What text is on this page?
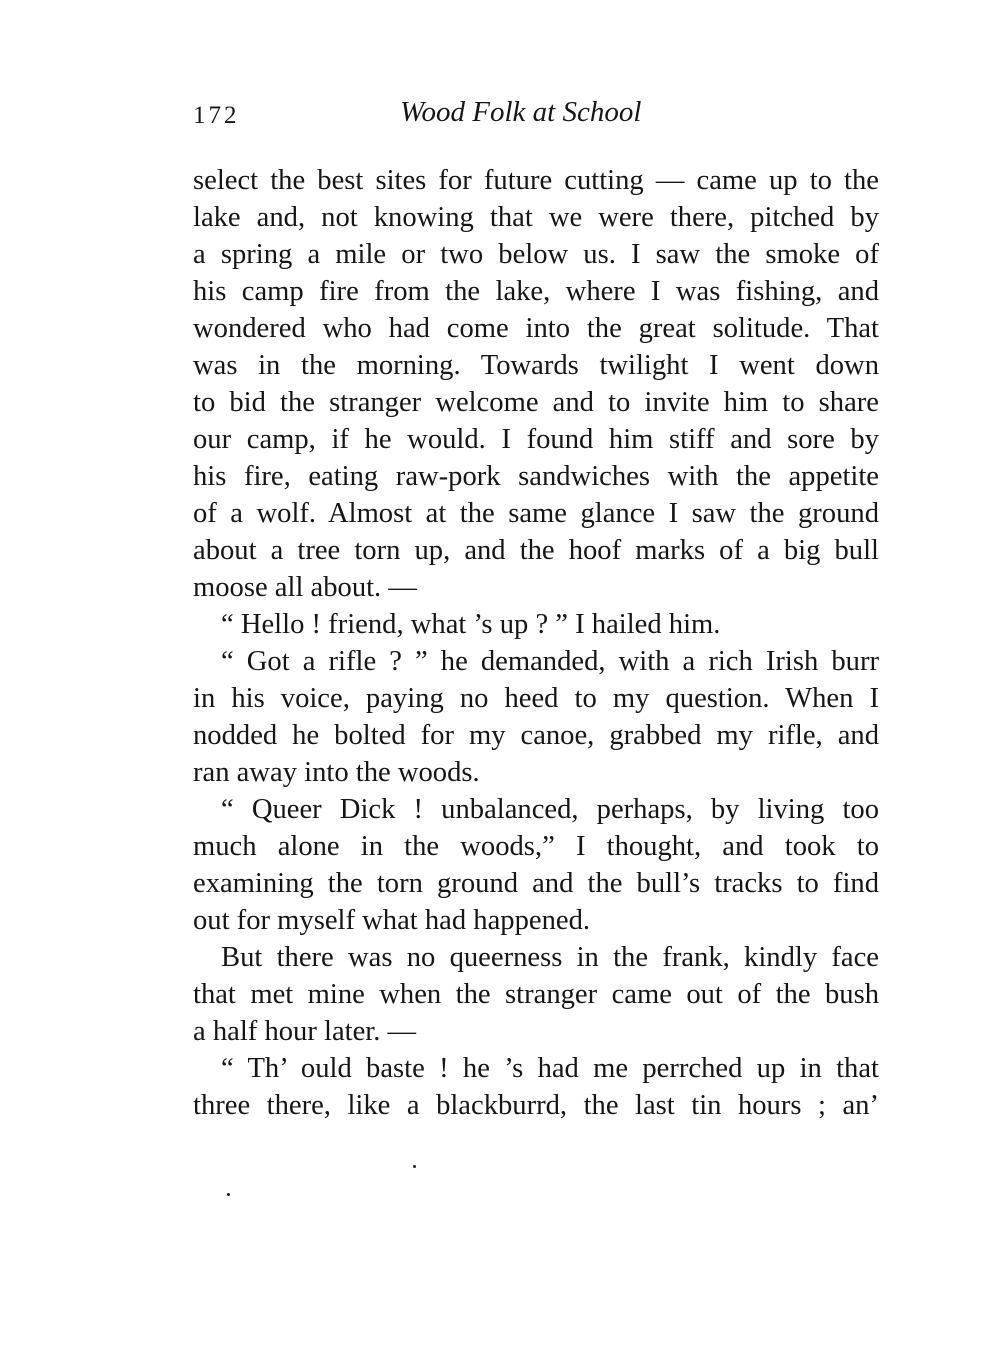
172	Wood Folk at School
select the best sites for future cutting — came up to the
lake and, not knowing that we were there, pitched by
a spring a mile or two below us. I saw the smoke of
his camp fire from the lake, where I was fishing, and
wondered who had come into the great solitude. That
was in the morning. Towards twilight I went down
to bid the stranger welcome and to invite him to share
our camp, if he would. I found him stiff and sore by
his fire, eating raw-pork sandwiches with the appetite
of a wolf. Almost at the same glance I saw the ground
about a tree torn up, and the hoof marks of a big bull
moose all about. —
“ Hello ! friend, what ’s up ? ” I hailed him.
“ Got a rifle ? ” he demanded, with a rich Irish burr
in his voice, paying no heed to my question. When I
nodded he bolted for my canoe, grabbed my rifle, and
ran away into the woods.
“ Queer Dick ! unbalanced, perhaps, by living too
much alone in the woods,” I thought, and took to
examining the torn ground and the bull’s tracks to find
out for myself what had happened.
But there was no queerness in the frank, kindly face
that met mine when the stranger came out of the bush
a half hour later. —
“ Th’ ould baste ! he ’s had me perrched up in that
three there, like a blackburrd, the last tin hours ; an’
